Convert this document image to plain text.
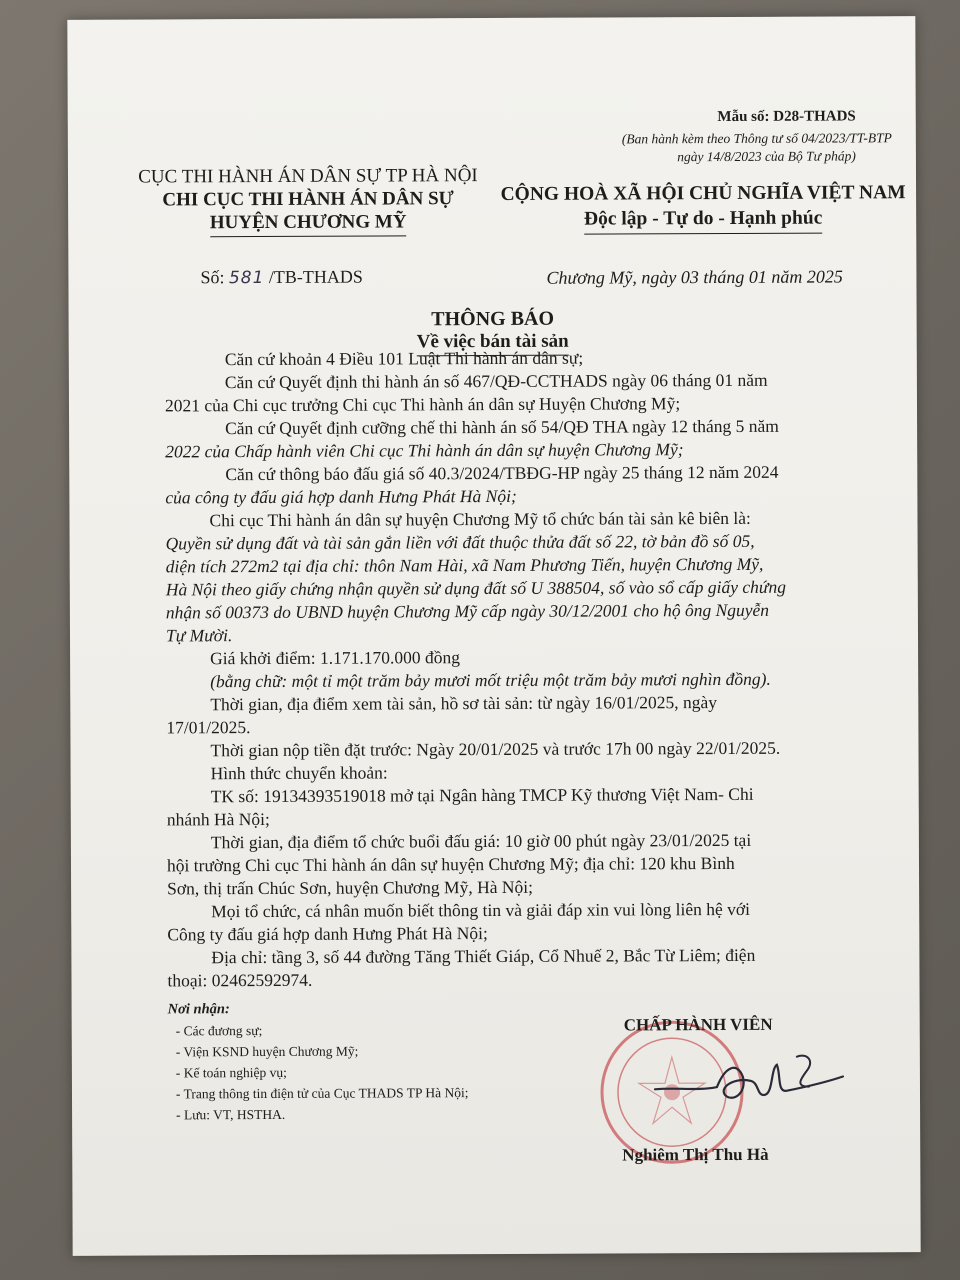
Mẫu số: D28-THADS
(Ban hành kèm theo Thông tư số 04/2023/TT-BTP
ngày 14/8/2023 của Bộ Tư pháp)
CỤC THI HÀNH ÁN DÂN SỰ TP HÀ NỘI
CHI CỤC THI HÀNH ÁN DÂN SỰ
HUYỆN CHƯƠNG MỸ
CỘNG HOÀ XÃ HỘI CHỦ NGHĨA VIỆT NAM
Độc lập - Tự do - Hạnh phúc
Số: 581 /TB-THADS	Chương Mỹ, ngày 03 tháng 01 năm 2025
THÔNG BÁO
Về việc bán tài sản
Căn cứ khoản 4 Điều 101 Luật Thi hành án dân sự;
Căn cứ Quyết định thi hành án số 467/QĐ-CCTHADS ngày 06 tháng 01 năm
2021 của Chi cục trưởng Chi cục Thi hành án dân sự Huyện Chương Mỹ;
Căn cứ Quyết định cưỡng chế thi hành án số 54/QĐ THA ngày 12 tháng 5 năm
2022 của Chấp hành viên Chi cục Thi hành án dân sự huyện Chương Mỹ;
Căn cứ thông báo đấu giá số 40.3/2024/TBĐG-HP ngày 25 tháng 12 năm 2024
của công ty đấu giá hợp danh Hưng Phát Hà Nội;
Chi cục Thi hành án dân sự huyện Chương Mỹ tổ chức bán tài sản kê biên là:
Quyền sử dụng đất và tài sản gắn liền với đất thuộc thửa đất số 22, tờ bản đồ số 05,
diện tích 272m2 tại địa chỉ: thôn Nam Hài, xã Nam Phương Tiến, huyện Chương Mỹ,
Hà Nội theo giấy chứng nhận quyền sử dụng đất số U 388504, số vào sổ cấp giấy chứng
nhận số 00373 do UBND huyện Chương Mỹ cấp ngày 30/12/2001 cho hộ ông Nguyễn
Tự Mười.
Giá khởi điểm: 1.171.170.000 đồng
(bằng chữ: một tỉ một trăm bảy mươi mốt triệu một trăm bảy mươi nghìn đồng).
Thời gian, địa điểm xem tài sản, hồ sơ tài sản: từ ngày 16/01/2025, ngày
17/01/2025.
Thời gian nộp tiền đặt trước: Ngày 20/01/2025 và trước 17h 00 ngày 22/01/2025.
Hình thức chuyển khoản:
TK số: 19134393519018 mở tại Ngân hàng TMCP Kỹ thương Việt Nam- Chi
nhánh Hà Nội;
Thời gian, địa điểm tổ chức buổi đấu giá: 10 giờ 00 phút ngày 23/01/2025 tại
hội trường Chi cục Thi hành án dân sự huyện Chương Mỹ; địa chỉ: 120 khu Bình
Sơn, thị trấn Chúc Sơn, huyện Chương Mỹ, Hà Nội;
Mọi tổ chức, cá nhân muốn biết thông tin và giải đáp xin vui lòng liên hệ với
Công ty đấu giá hợp danh Hưng Phát Hà Nội;
Địa chỉ: tầng 3, số 44 đường Tăng Thiết Giáp, Cổ Nhuế 2, Bắc Từ Liêm; điện
thoại: 02462592974.
Nơi nhận:
- Các đương sự;
- Viện KSND huyện Chương Mỹ;
- Kế toán nghiệp vụ;
- Trang thông tin điện tử của Cục THADS TP Hà Nội;
- Lưu: VT, HSTHA.
CHẤP HÀNH VIÊN
Nghiêm Thị Thu Hà
